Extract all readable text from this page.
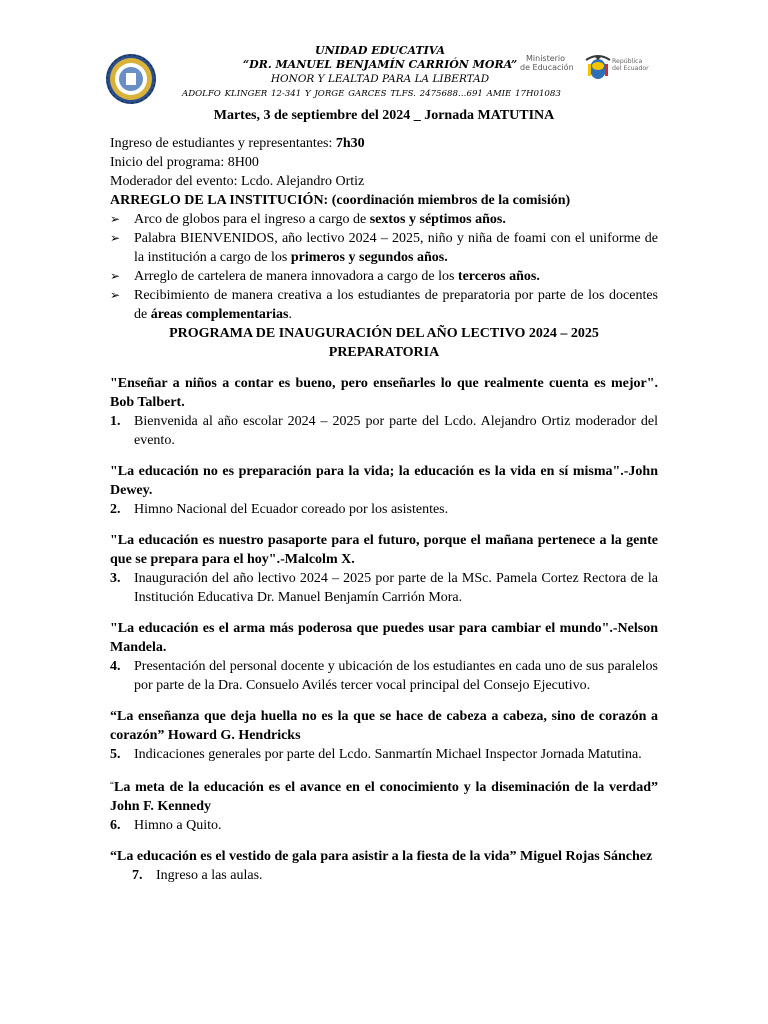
UNIDAD EDUCATIVA
“DR. MANUEL BENJAMÍN CARRIÓN MORA”
HONOR Y LEALTAD PARA LA LIBERTAD
ADOLFO KLINGER 12-341 Y JORGE GARCES TLFS. 2475688…691 AMIE 17H01083
Ministerio
de Educación
República
del Ecuador
Martes, 3 de septiembre del 2024 _ Jornada MATUTINA

Ingreso de estudiantes y representantes: 7h30

Inicio del programa: 8H00

Moderador del evento: Lcdo. Alejandro Ortiz

ARREGLO DE LA INSTITUCIÓN: (coordinación miembros de la comisión)

➢ Arco de globos para el ingreso a cargo de sextos y séptimos años.
➢ Palabra BIENVENIDOS, año lectivo 2024 – 2025, niño y niña de foami con el uniforme de la institución a cargo de los primeros y segundos años.
➢ Arreglo de cartelera de manera innovadora a cargo de los terceros años.
➢ Recibimiento de manera creativa a los estudiantes de preparatoria por parte de los docentes de áreas complementarias.

PROGRAMA DE INAUGURACIÓN DEL AÑO LECTIVO 2024 – 2025
PREPARATORIA

"Enseñar a niños a contar es bueno, pero enseñarles lo que realmente cuenta es mejor". Bob Talbert.

1. Bienvenida al año escolar 2024 – 2025 por parte del Lcdo. Alejandro Ortiz moderador del evento.

"La educación no es preparación para la vida; la educación es la vida en sí misma".-John Dewey.

2. Himno Nacional del Ecuador coreado por los asistentes.

"La educación es nuestro pasaporte para el futuro, porque el mañana pertenece a la gente que se prepara para el hoy".-Malcolm X.

3. Inauguración del año lectivo 2024 – 2025 por parte de la MSc. Pamela Cortez Rectora de la Institución Educativa Dr. Manuel Benjamín Carrión Mora.

"La educación es el arma más poderosa que puedes usar para cambiar el mundo".-Nelson Mandela.

4. Presentación del personal docente y ubicación de los estudiantes en cada uno de sus paralelos por parte de la Dra. Consuelo Avilés tercer vocal principal del Consejo Ejecutivo.

“La enseñanza que deja huella no es la que se hace de cabeza a cabeza, sino de corazón a corazón” Howard G. Hendricks

5. Indicaciones generales por parte del Lcdo. Sanmartín Michael Inspector Jornada Matutina.

“La meta de la educación es el avance en el conocimiento y la diseminación de la verdad” John F. Kennedy

6. Himno a Quito.

“La educación es el vestido de gala para asistir a la fiesta de la vida” Miguel Rojas Sánchez

7. Ingreso a las aulas.
